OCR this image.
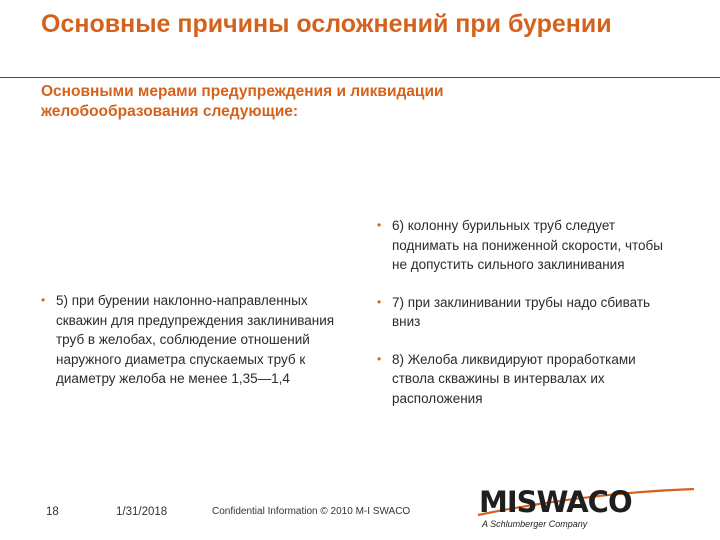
Основные причины осложнений при бурении

Основными мерами предупреждения и ликвидации желобообразования следующие:

• 5) при бурении наклонно-направленных скважин для предупреждения заклинивания труб в желобах, соблюдение отношений наружного диаметра спускаемых труб к диаметру желоба не менее 1,35—1,4

• 6) колонну бурильных труб следует поднимать на пониженной скорости, чтобы не допустить сильного заклинивания

• 7) при заклинивании трубы надо сбивать вниз

• 8) Желоба ликвидируют проработками ствола скважины в интервалах их расположения

18	1/31/2018	Confidential Information © 2010 M-I SWACO MISWACO
A Schlumberger Company
